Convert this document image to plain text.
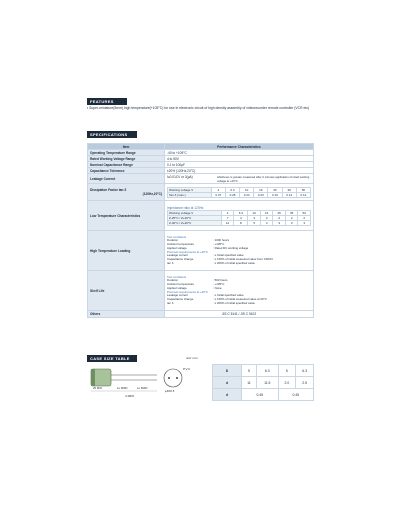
FEATURES
• Super-miniature(5mm) high temperature(+105°C) for use in electronic circuit of high density assembly of videorecorder remote controller (VCR etc)
SPECIFICATIONS
Item	Performance Characteristics
Operating Temperature Range	-40 to +105°C
Rated Working Voltage Range	4 to 50V
Nominal Capacitance Range	0.1 to 100μF
Capacitance Tolerance	±20% (120Hz,20°C)
Leakage Current	I≤0.01CV or 3(μA)	whichever is greater measured after 2 minutes application of rated working voltage at +20°C

Dissipation Factor tan δ
(120Hz,20°C)

Working voltage V	4	6.3	10	16	25	35	50
Tan δ (max.)	0.37	0.28	0.24	0.20	0.16	0.14	0.12

Low Temperature Characteristics	
Impedance ratio at 120Hz
Working voltage V	4	6.3	10	16	25	35	50
Z-25°C / Z+20°C	7	4	3	3	2	2	2
Z-40°C / Z+20°C	12	8	5	4	3	3	3

High Temperature Loading	
Test conditions
Duration	: 1000 hours
Ambient temperature	: +105°C
Applied voltage	: Rated DC working voltage
Post test requirements at +20°C
Leakage current	: ≤ Initial specified value
Capacitance change	: ≤ ±20% of initial measured value from ±30%V
tan δ	: ≤ 200% of initial specified value

Shelf Life	
Test conditions
Duration	: 500 hours
Ambient temperature	: +105°C
Applied voltage	: None
Post test requirements at +20°C
Leakage current	: ≤ Initial specified value
Capacitance change	: ≤ ±20% of initial measured value at 20°C
tan δ	: ≤ 200% of initial specified value

Others	JIS C 5141 / JIS C 5102
CASE SIZE TABLE	unit: mm
P.V.C
25 MIN	Ls 3MIN	Ls 3MIN
φD±0.5
4.3MIN
D	5	6.3	5	6.3
d	11	11.5	2.0	2.5
d	0.45		0.45	
